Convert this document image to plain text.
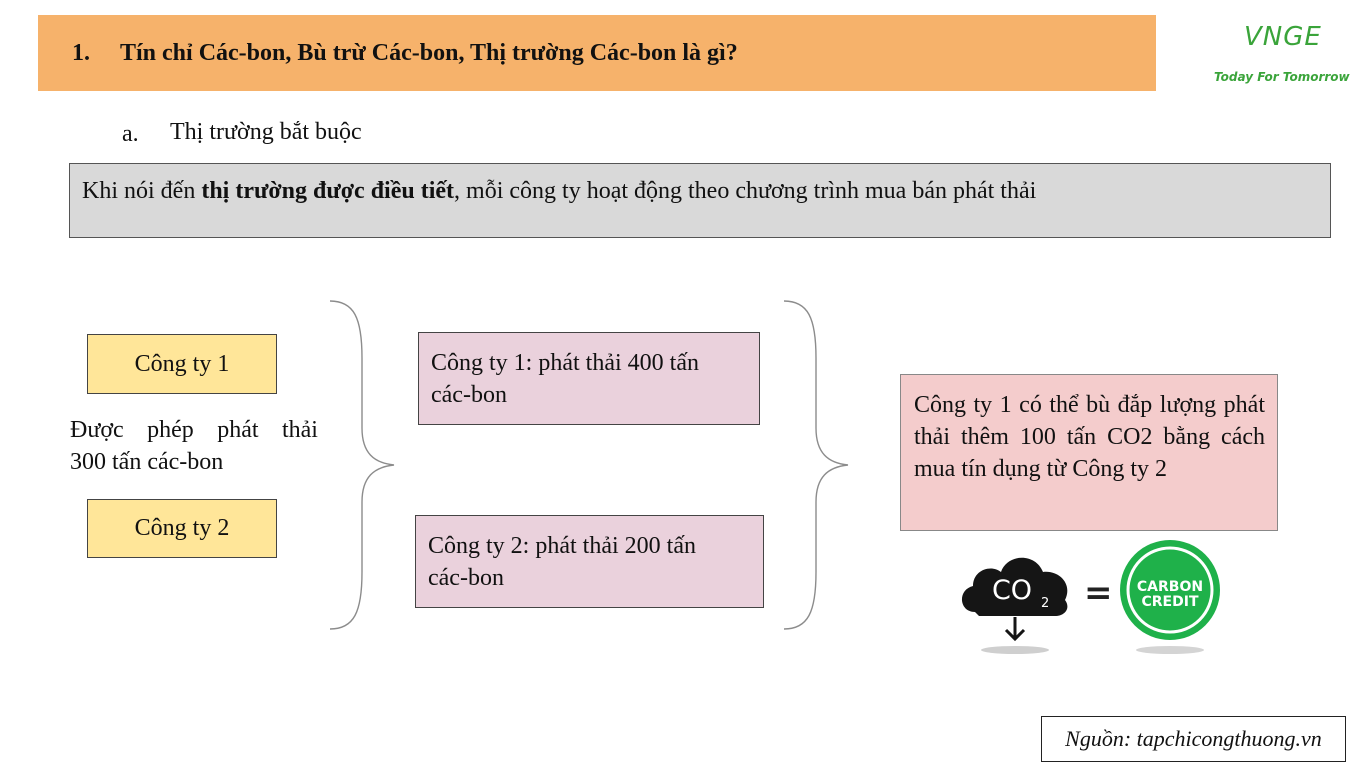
1. Tín chỉ Các-bon, Bù trừ Các-bon, Thị trường Các-bon là gì?
VNGE
Today For Tomorrow
a. Thị trường bắt buộc
Khi nói đến thị trường được điều tiết, mỗi công ty hoạt động theo chương trình mua bán phát thải
Công ty 1
Được phép phát thải
300 tấn các-bon
Công ty 2
Công ty 1: phát thải 400 tấn
các-bon
Công ty 2: phát thải 200 tấn
các-bon
Công ty 1 có thể bù đắp lượng phát thải thêm 100 tấn CO2 bằng cách mua tín dụng từ Công ty 2
CO 2 = CARBON
CREDIT
Nguồn: tapchicongthuong.vn
